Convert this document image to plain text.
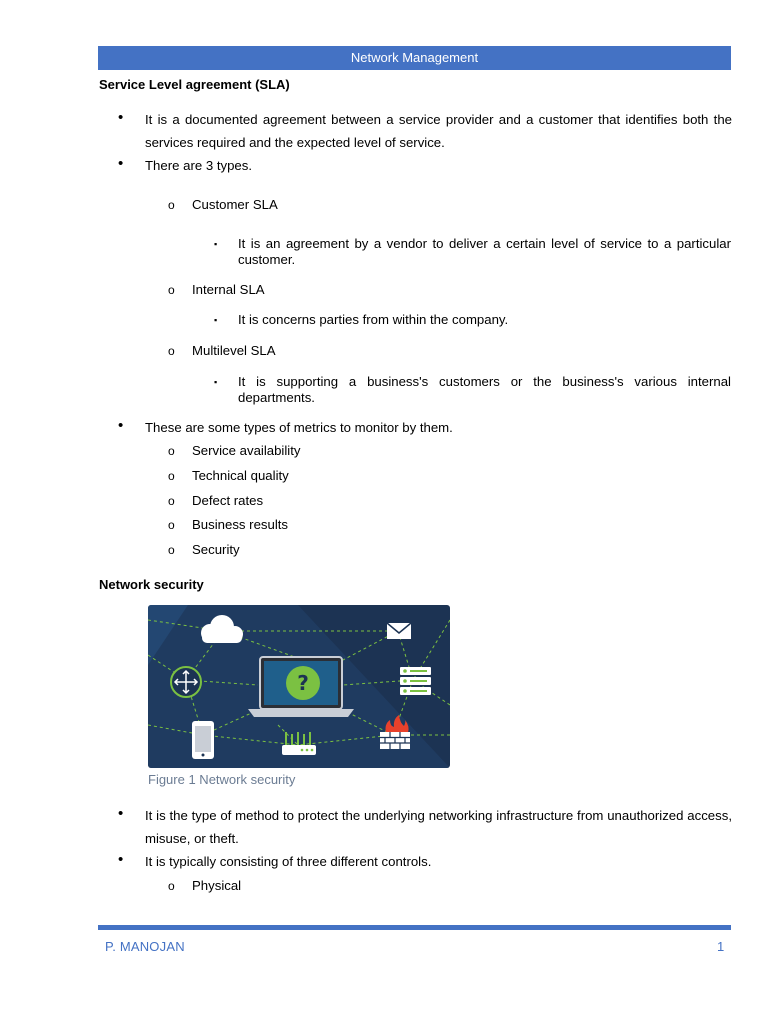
Network Management
Service Level agreement (SLA)
• It is a documented agreement between a service provider and a customer that identifies both the services required and the expected level of service.
• There are 3 types.
o Customer SLA
▪ It is an agreement by a vendor to deliver a certain level of service to a particular customer.
o Internal SLA
▪ It is concerns parties from within the company.
o Multilevel SLA
▪ It is supporting a business's customers or the business's various internal departments.
• These are some types of metrics to monitor by them.
o Service availability
o Technical quality
o Defect rates
o Business results
o Security
Network security
?
Figure 1 Network security
• It is the type of method to protect the underlying networking infrastructure from unauthorized access, misuse, or theft.
• It is typically consisting of three different controls.
o Physical
P. MANOJAN	1
